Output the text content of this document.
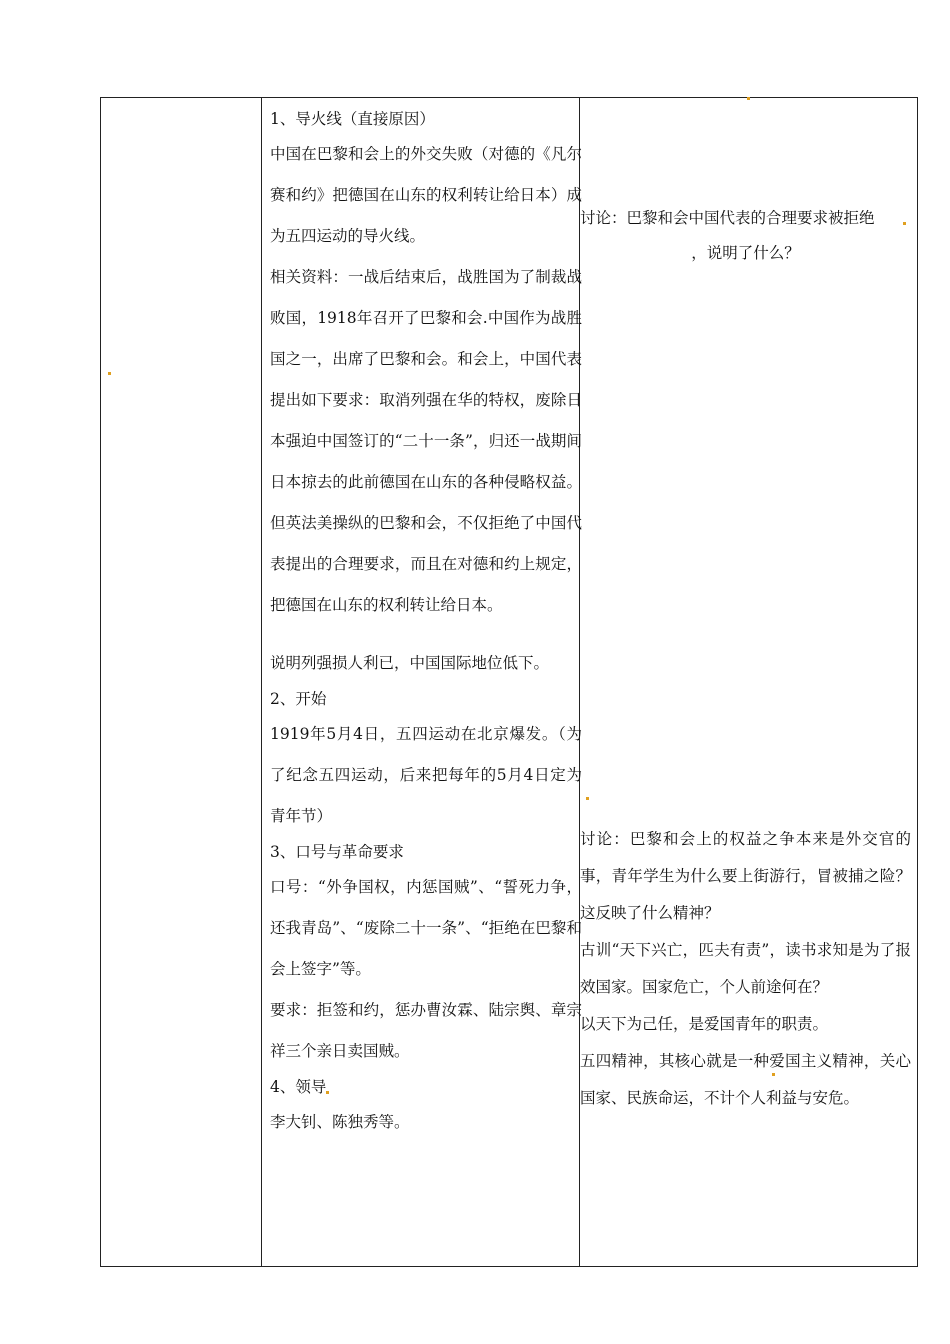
1、导火线（直接原因）

中国在巴黎和会上的外交失败（对德的《凡尔赛和约》把德国在山东的权利转让给日本）成为五四运动的导火线。

相关资料：一战后结束后，战胜国为了制裁战败国，1918年召开了巴黎和会.中国作为战胜国之一，出席了巴黎和会。和会上，中国代表提出如下要求：取消列强在华的特权，废除日本强迫中国签订的“二十一条”，归还一战期间日本掠去的此前德国在山东的各种侵略权益。但英法美操纵的巴黎和会，不仅拒绝了中国代表提出的合理要求，而且在对德和约上规定，把德国在山东的权利转让给日本。

说明列强损人利已，中国国际地位低下。

2、开始

1919年5月4日，五四运动在北京爆发。（为了纪念五四运动，后来把每年的5月4日定为青年节）

3、口号与革命要求

口号：“外争国权，内惩国贼”、“誓死力争，还我青岛”、“废除二十一条”、“拒绝在巴黎和会上签字”等。

要求：拒签和约，惩办曹汝霖、陆宗舆、章宗祥三个亲日卖国贼。

4、领导

李大钊、陈独秀等。

讨论：巴黎和会中国代表的合理要求被拒绝

，说明了什么？

讨论：巴黎和会上的权益之争本来是外交官的事，青年学生为什么要上街游行，冒被捕之险？这反映了什么精神？

古训“天下兴亡，匹夫有责”，读书求知是为了报效国家。国家危亡，个人前途何在？

以天下为己任，是爱国青年的职责。

五四精神，其核心就是一种爱国主义精神，关心国家、民族命运，不计个人利益与安危。
